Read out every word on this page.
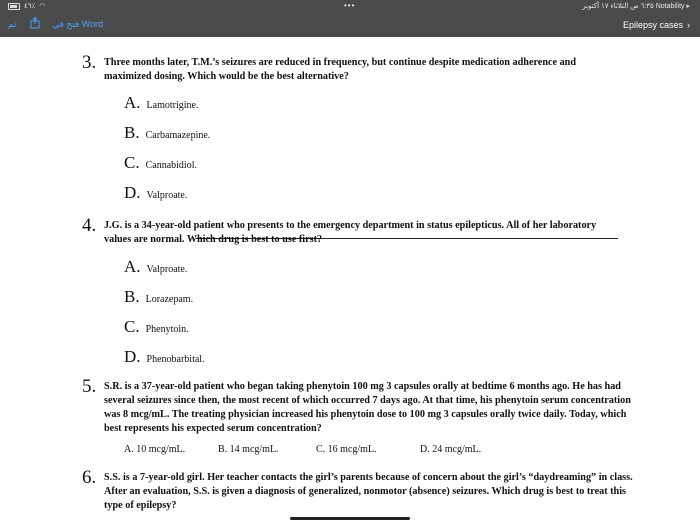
٤٦٪ ◠	•••	٦:٣٥ ص الثلاثاء ١٧ أكتوبر Notability ▸
تم	فتح في Word	Epilepsy cases ›
3. Three months later, T.M.’s seizures are reduced in frequency, but continue despite medication adherence and maximized dosing. Which would be the best alternative?
A. Lamotrigine.
B. Carbamazepine.
C. Cannabidiol.
D. Valproate.
4. J.G. is a 34-year-old patient who presents to the emergency department in status epilepticus. All of her laboratory values are normal. Which drug is best to use first?
A. Valproate.
B. Lorazepam.
C. Phenytoin.
D. Phenobarbital.
5. S.R. is a 37-year-old patient who began taking phenytoin 100 mg 3 capsules orally at bedtime 6 months ago. He has had several seizures since then, the most recent of which occurred 7 days ago. At that time, his phenytoin serum concentration was 8 mcg/mL. The treating physician increased his phenytoin dose to 100 mg 3 capsules orally twice daily. Today, which best represents his expected serum concentration?
A. 10 mcg/mL.	B. 14 mcg/mL.	C. 16 mcg/mL.	D. 24 mcg/mL.
6. S.S. is a 7-year-old girl. Her teacher contacts the girl’s parents because of concern about the girl’s “daydreaming” in class. After an evaluation, S.S. is given a diagnosis of generalized, nonmotor (absence) seizures. Which drug is best to treat this type of epilepsy?
